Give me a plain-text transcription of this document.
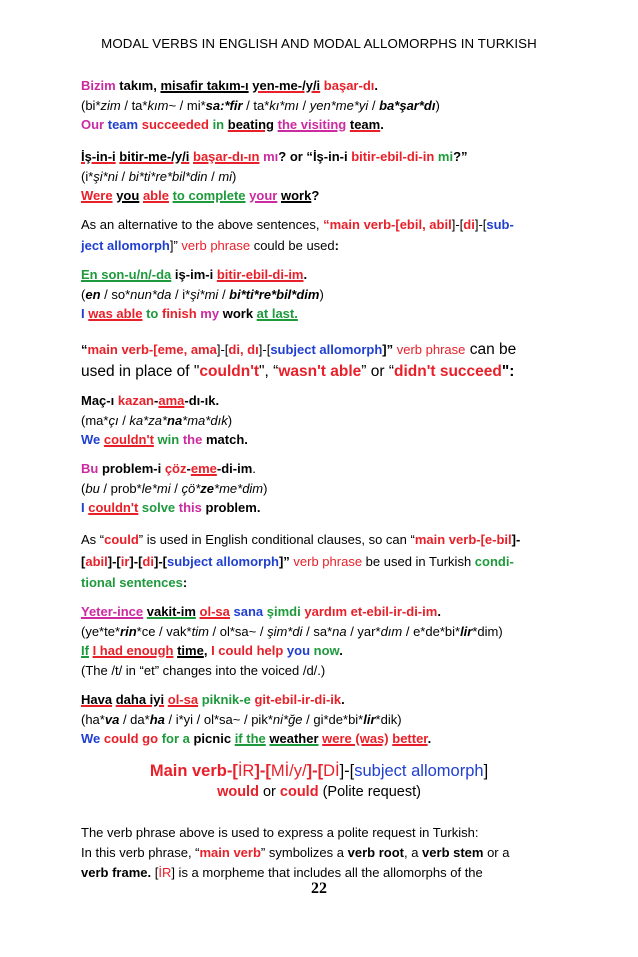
MODAL VERBS IN ENGLISH AND MODAL ALLOMORPHS IN TURKISH
Bizim takım, misafir takım-ı yen-me-/y/i başar-dı.
(bi*zim / ta*kım~ / mi*sa:*fir / ta*kı*mı / yen*me*yi / ba*şar*dı)
Our team succeeded in beating the visiting team.
İş-in-i bitir-me-/y/i başar-dı-ın mı? or “İş-in-i bitir-ebil-di-in mi?”
(i*şi*ni / bi*ti*re*bil*din / mi)
Were you able to complete your work?
As an alternative to the above sentences, “main verb-[ebil, abil]-[di]-[sub-
ject allomorph]” verb phrase could be used:
En son-u/n/-da iş-im-i bitir-ebil-di-im.
(en / so*nun*da / i*şi*mi / bi*ti*re*bil*dim)
I was able to finish my work at last.
“main verb-[eme, ama]-[di, dı]-[subject allomorph]” verb phrase can be
used in place of "couldn't", “wasn't able” or “didn't succeed":
Maç-ı kazan-ama-dı-ık.
(ma*çı / ka*za*na*ma*dık)
We couldn't win the match.
Bu problem-i çöz-eme-di-im.
(bu / prob*le*mi / çö*ze*me*dim)
I couldn't solve this problem.
As “could” is used in English conditional clauses, so can “main verb-[e-bil]-
[abil]-[ir]-[di]-[subject allomorph]” verb phrase be used in Turkish condi-
tional sentences:
Yeter-ince vakit-im ol-sa sana şimdi yardım et-ebil-ir-di-im.
(ye*te*rin*ce / vak*tim / ol*sa~ / şim*di / sa*na / yar*dım / e*de*bi*lir*dim)
If I had enough time, I could help you now.
(The /t/ in “et” changes into the voiced /d/.)
Hava daha iyi ol-sa piknik-e git-ebil-ir-di-ik.
(ha*va / da*ha / i*yi / ol*sa~ / pik*ni*ğe / gi*de*bi*lir*dik)
We could go for a picnic if the weather were (was) better.
Main verb-[İR]-[Mİ/y/]-[Dİ]-[subject allomorph]
would or could (Polite request)
The verb phrase above is used to express a polite request in Turkish:
In this verb phrase, “main verb” symbolizes a verb root, a verb stem or a
verb frame. [İR] is a morpheme that includes all the allomorphs of the
22
